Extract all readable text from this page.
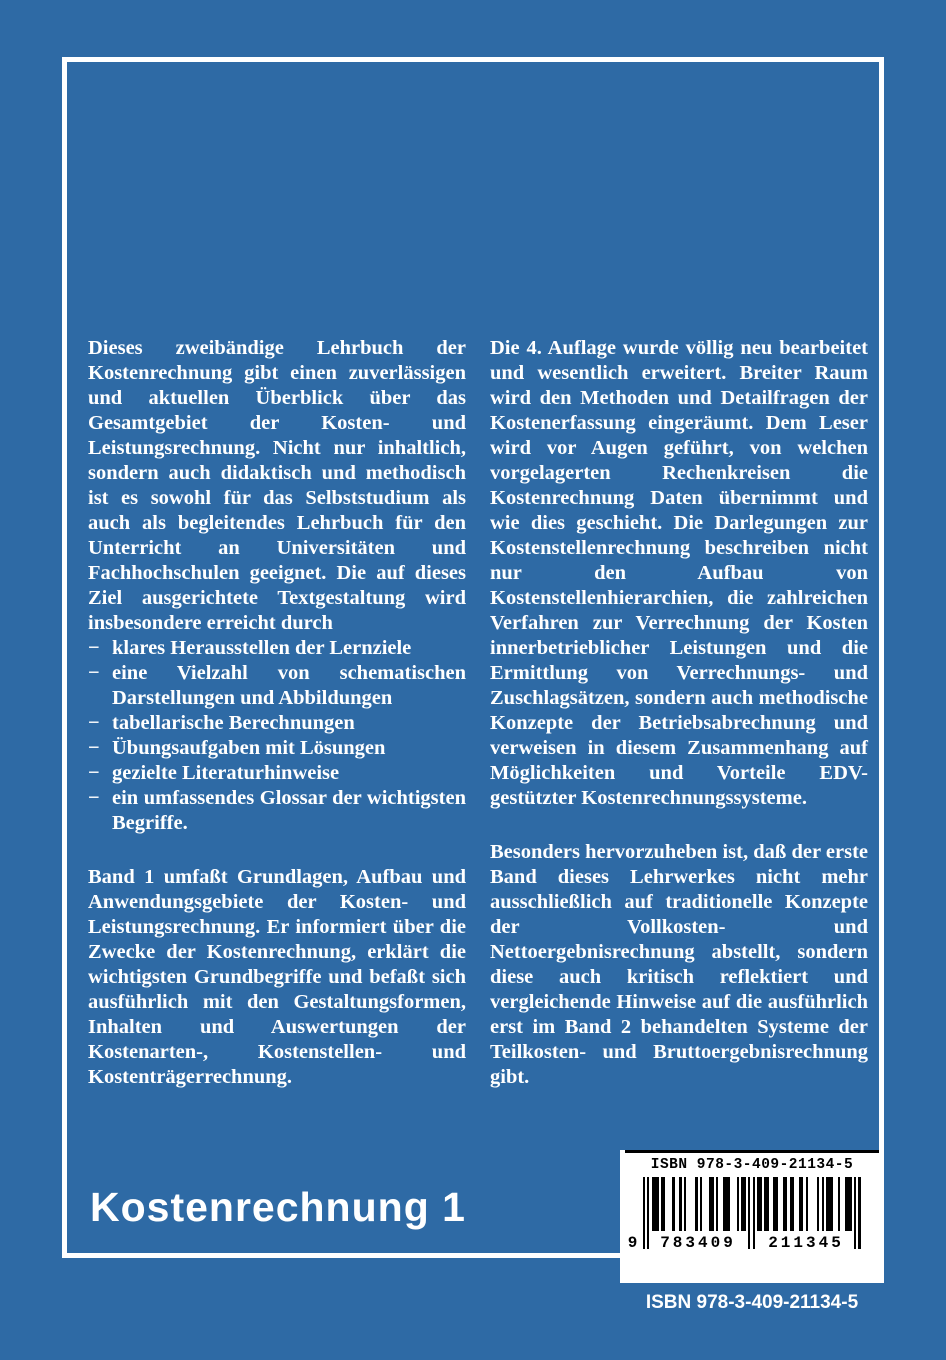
Dieses zweibändige Lehrbuch der Kostenrechnung gibt einen zuverlässigen und aktuellen Überblick über das Gesamtgebiet der Kosten- und Leistungsrechnung. Nicht nur inhaltlich, sondern auch didaktisch und methodisch ist es sowohl für das Selbststudium als auch als begleitendes Lehrbuch für den Unterricht an Universitäten und Fachhochschulen geeignet. Die auf dieses Ziel ausgerichtete Textgestaltung wird insbesondere erreicht durch

− klares Herausstellen der Lernziele
− eine Vielzahl von schematischen Darstellungen und Abbildungen
− tabellarische Berechnungen
− Übungsaufgaben mit Lösungen
− gezielte Literaturhinweise
− ein umfassendes Glossar der wichtigsten Begriffe.

Band 1 umfaßt Grundlagen, Aufbau und Anwendungsgebiete der Kosten- und Leistungsrechnung. Er informiert über die Zwecke der Kostenrechnung, erklärt die wichtigsten Grundbegriffe und befaßt sich ausführlich mit den Gestaltungsformen, Inhalten und Auswertungen der Kostenarten-, Kostenstellen- und Kostenträgerrechnung.

Die 4. Auflage wurde völlig neu bearbeitet und wesentlich erweitert. Breiter Raum wird den Methoden und Detailfragen der Kostenerfassung eingeräumt. Dem Leser wird vor Augen geführt, von welchen vorgelagerten Rechenkreisen die Kostenrechnung Daten übernimmt und wie dies geschieht. Die Darlegungen zur Kostenstellenrechnung beschreiben nicht nur den Aufbau von Kostenstellenhierarchien, die zahlreichen Verfahren zur Verrechnung der Kosten innerbetrieblicher Leistungen und die Ermittlung von Verrechnungs- und Zuschlagsätzen, sondern auch methodische Konzepte der Betriebsabrechnung und verweisen in diesem Zusammenhang auf Möglichkeiten und Vorteile EDV-gestützter Kostenrechnungssysteme.

Besonders hervorzuheben ist, daß der erste Band dieses Lehrwerkes nicht mehr ausschließlich auf traditionelle Konzepte der Vollkosten- und Nettoergebnisrechnung abstellt, sondern diese auch kritisch reflektiert und vergleichende Hinweise auf die ausführlich erst im Band 2 behandelten Systeme der Teilkosten- und Bruttoergebnisrechnung gibt.

Kostenrechnung 1
ISBN 978-3-409-21134-5
9	783409	211345
ISBN 978-3-409-21134-5
